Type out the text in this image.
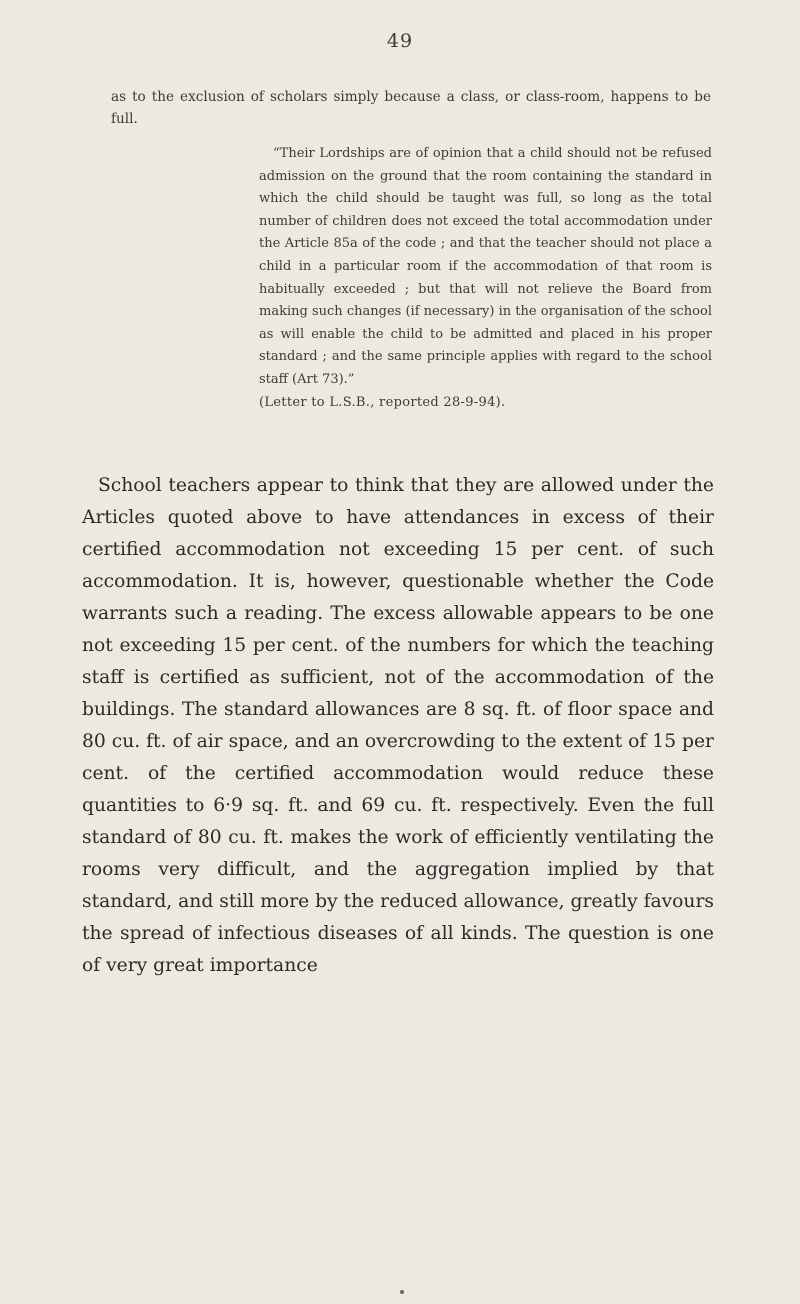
49

as to the exclusion of scholars simply because a class, or class-room, happens to be full.

“Their Lordships are of opinion that a child should not be refused admission on the ground that the room containing the standard in which the child should be taught was full, so long as the total number of children does not exceed the total accommodation under the Article 85a of the code ; and that the teacher should not place a child in a particular room if the accommodation of that room is habitually exceeded ; but that will not relieve the Board from making such changes (if necessary) in the organisation of the school as will enable the child to be admitted and placed in his proper standard ; and the same principle applies with regard to the school staff (Art 73).”

(Letter to L.S.B., reported 28-9-94).

School teachers appear to think that they are allowed under the Articles quoted above to have attendances in excess of their certified accommodation not exceeding 15 per cent. of such accommodation. It is, however, questionable whether the Code warrants such a reading. The excess allowable appears to be one not exceeding 15 per cent. of the numbers for which the teaching staff is certified as sufficient, not of the accommodation of the buildings. The standard allowances are 8 sq. ft. of floor space and 80 cu. ft. of air space, and an overcrowding to the extent of 15 per cent. of the certified accommodation would reduce these quantities to 6·9 sq. ft. and 69 cu. ft. respectively. Even the full standard of 80 cu. ft. makes the work of efficiently ventilating the rooms very difficult, and the aggregation implied by that standard, and still more by the reduced allowance, greatly favours the spread of infectious diseases of all kinds. The question is one of very great importance
